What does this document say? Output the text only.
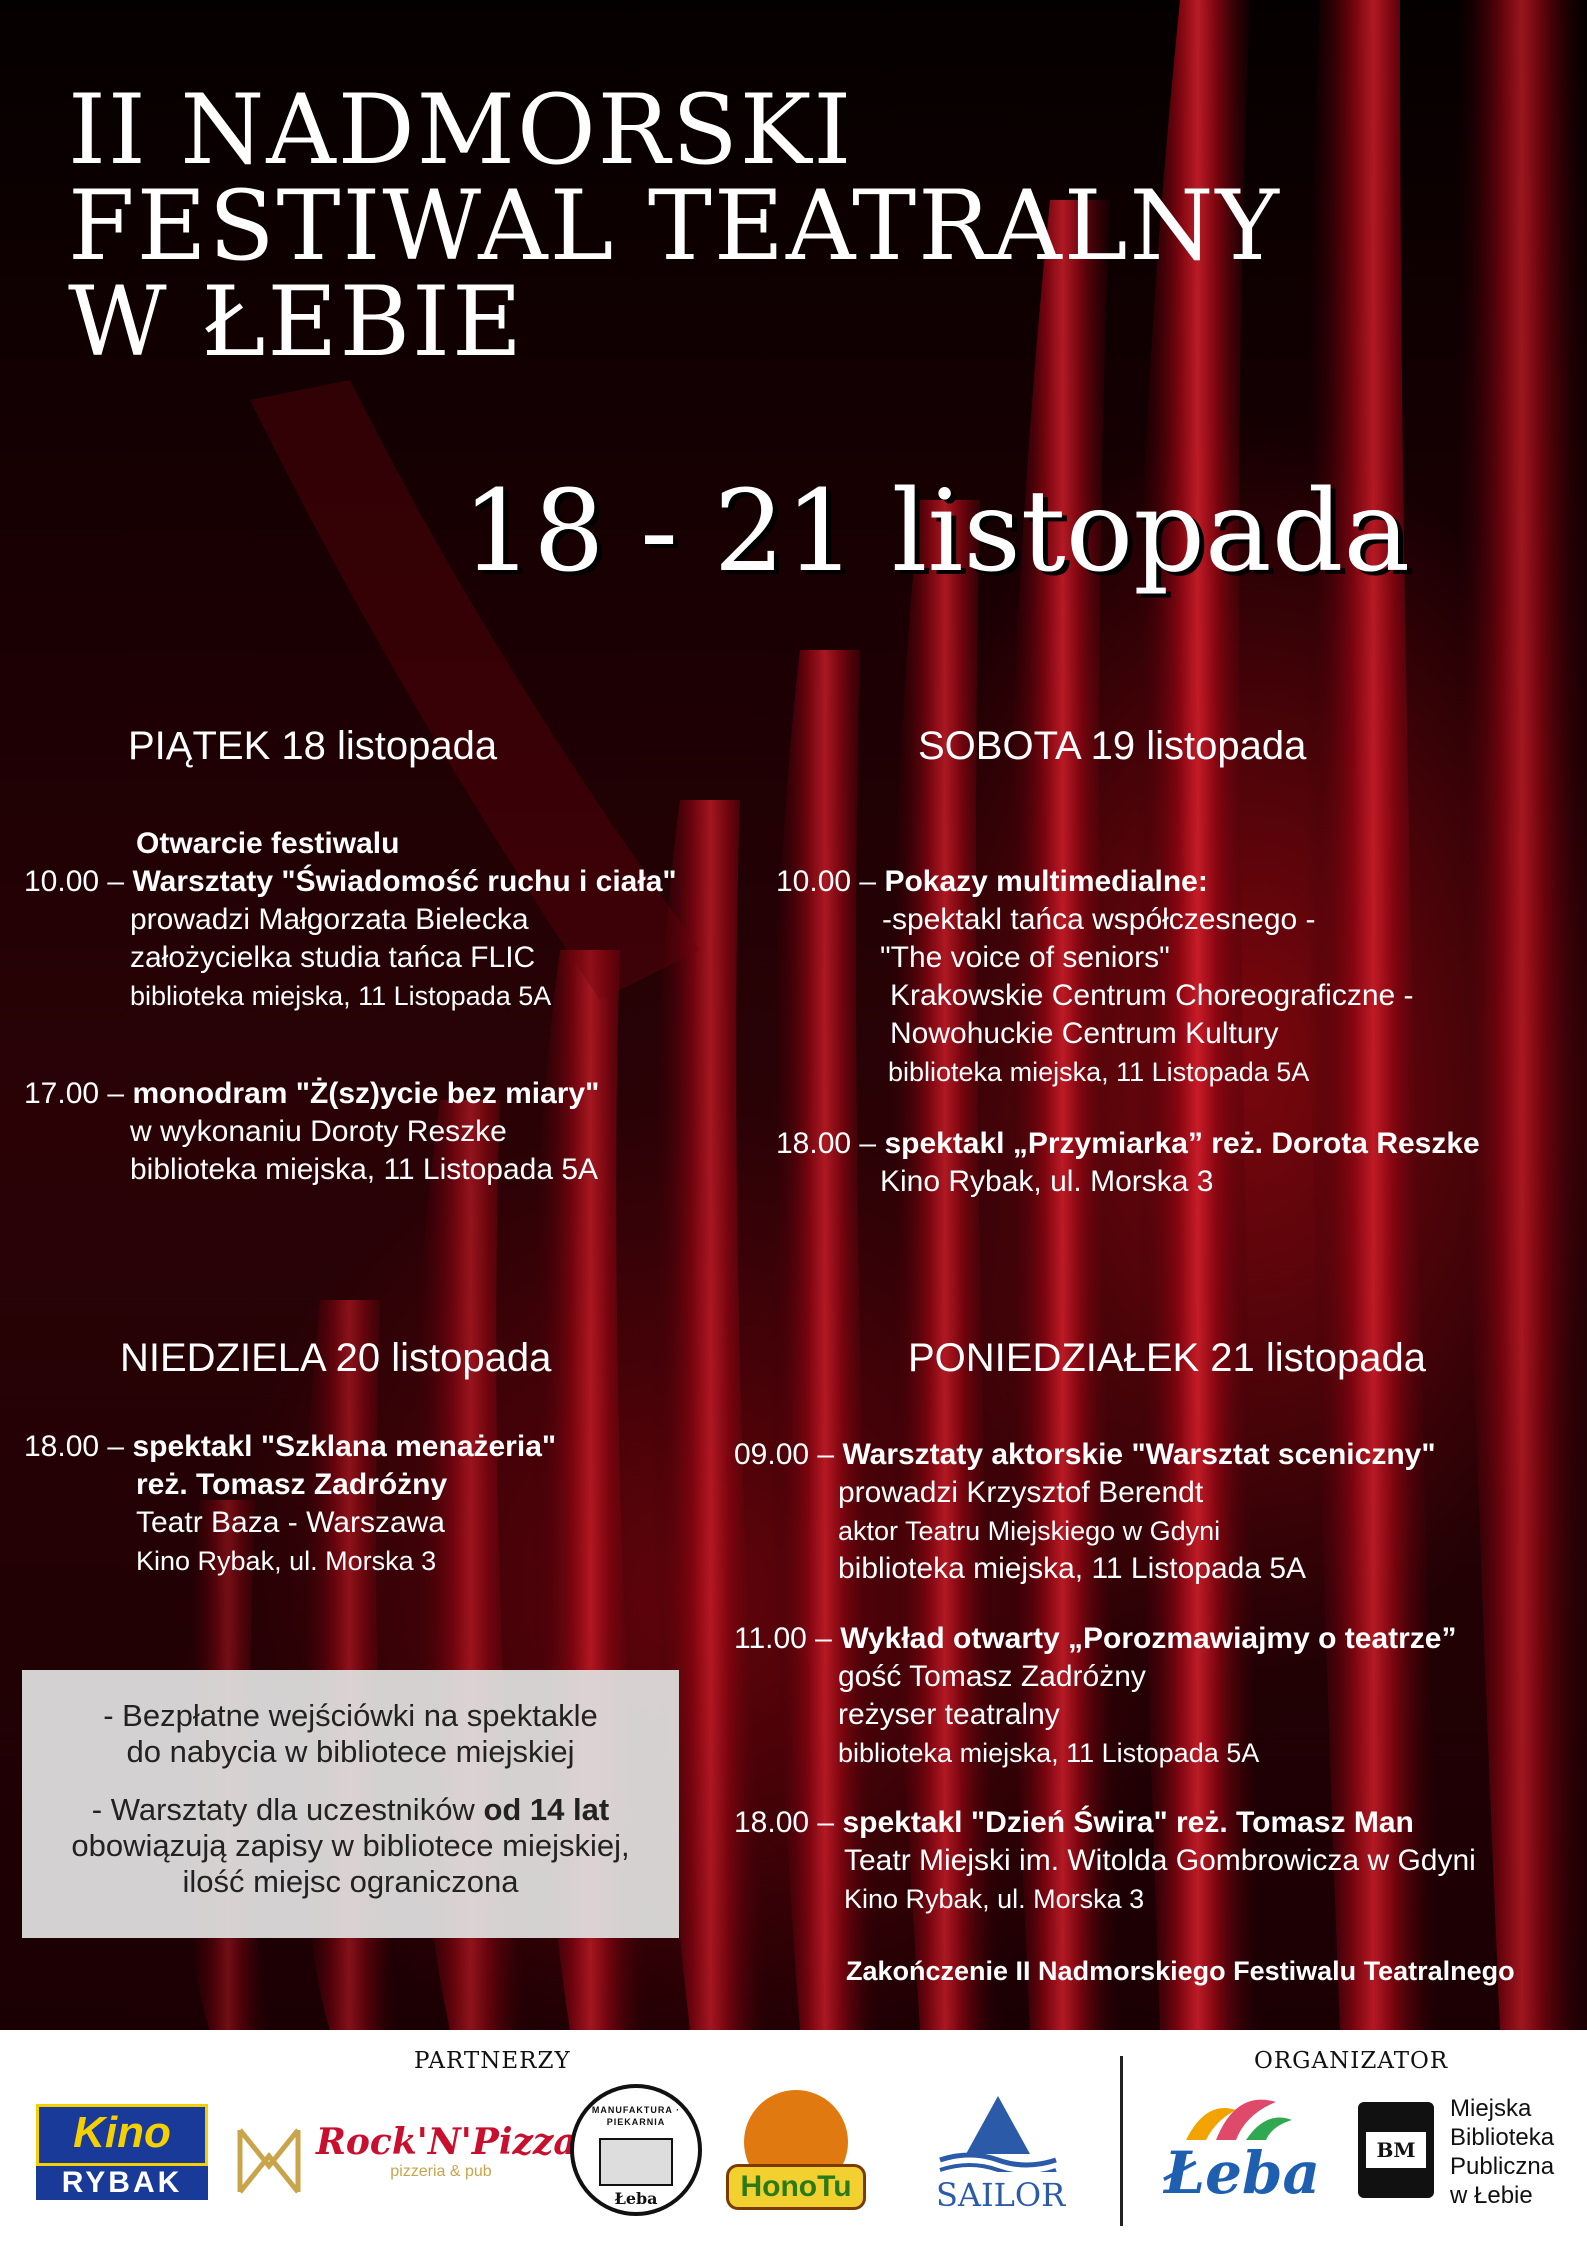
II NADMORSKI
FESTIWAL TEATRALNY
W ŁEBIE
18 - 21 listopada
PIĄTEK 18 listopada
Otwarcie festiwalu
10.00 – Warsztaty "Świadomość ruchu i ciała"
prowadzi Małgorzata Bielecka
założycielka studia tańca FLIC
biblioteka miejska, 11 Listopada 5A
17.00 – monodram "Ż(sz)ycie bez miary"
w wykonaniu Doroty Reszke
biblioteka miejska, 11 Listopada 5A
SOBOTA 19 listopada
10.00 – Pokazy multimedialne:
-spektakl tańca współczesnego -
"The voice of seniors"
Krakowskie Centrum Choreograficzne -
Nowohuckie Centrum Kultury
biblioteka miejska, 11 Listopada 5A
18.00 – spektakl „Przymiarka” reż. Dorota Reszke
Kino Rybak, ul. Morska 3
NIEDZIELA 20 listopada
18.00 – spektakl "Szklana menażeria"
reż. Tomasz Zadróżny
Teatr Baza - Warszawa
Kino Rybak, ul. Morska 3
PONIEDZIAŁEK 21 listopada
09.00 – Warsztaty aktorskie "Warsztat sceniczny"
prowadzi Krzysztof Berendt
aktor Teatru Miejskiego w Gdyni
biblioteka miejska, 11 Listopada 5A
11.00 – Wykład otwarty „Porozmawiajmy o teatrze”
gość Tomasz Zadróżny
reżyser teatralny
biblioteka miejska, 11 Listopada 5A
18.00 – spektakl "Dzień Świra" reż. Tomasz Man
Teatr Miejski im. Witolda Gombrowicza w Gdyni
Kino Rybak, ul. Morska 3
Zakończenie II Nadmorskiego Festiwalu Teatralnego
- Bezpłatne wejściówki na spektakle
do nabycia w bibliotece miejskiej
- Warsztaty dla uczestników od 14 lat
obowiązują zapisy w bibliotece miejskiej,
ilość miejsc ograniczona
PARTNERZY	ORGANIZATOR
Kino
RYBAK
Rock'N'Pizza
pizzeria & pub
MANUFAKTURA · PIEKARNIA
Łeba	HonoTu	SAILOR	Łeba	BM
Miejska
Biblioteka
Publiczna
w Łebie
